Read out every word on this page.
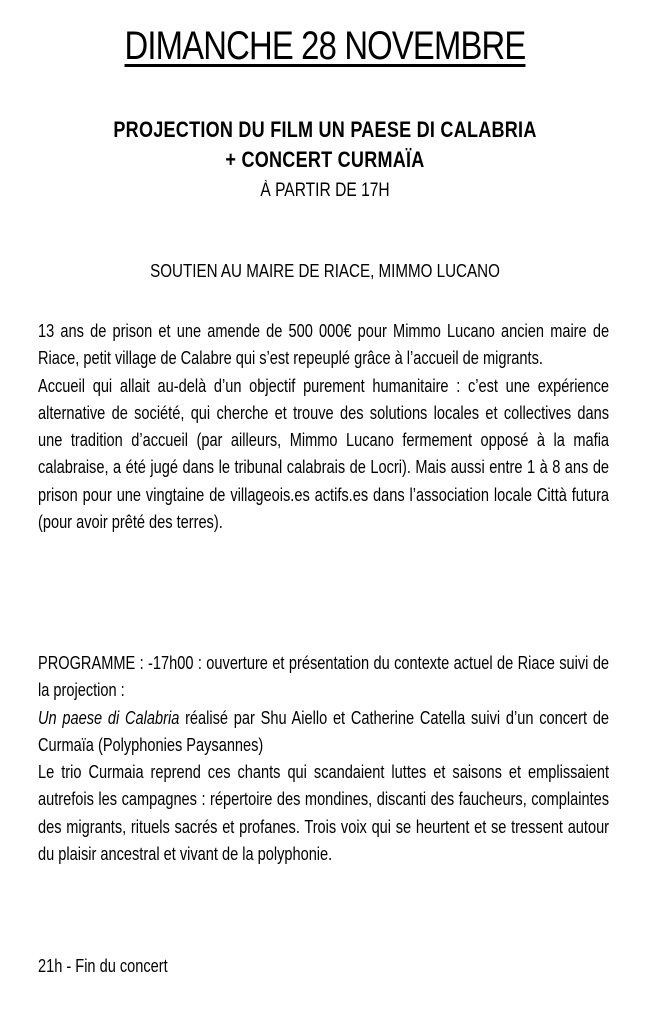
DIMANCHE 28 NOVEMBRE
PROJECTION DU FILM UN PAESE DI CALABRIA
+ CONCERT CURMAÏA
À PARTIR DE 17H
SOUTIEN AU MAIRE DE RIACE, MIMMO LUCANO

13 ans de prison et une amende de 500 000€ pour Mimmo Lucano ancien maire de Riace, petit village de Calabre qui s’est repeuplé grâce à l’accueil de migrants.

Accueil qui allait au-delà d’un objectif purement humanitaire : c’est une expérience alternative de société, qui cherche et trouve des solutions locales et collectives dans une tradition d’accueil (par ailleurs, Mimmo Lucano fermement opposé à la mafia calabraise, a été jugé dans le tribunal calabrais de Locri). Mais aussi entre 1 à 8 ans de prison pour une vingtaine de villageois.es actifs.es dans l’association locale Città futura (pour avoir prêté des terres).

PROGRAMME : -17h00 : ouverture et présentation du contexte actuel de Riace suivi de la projection :

Un paese di Calabria réalisé par Shu Aiello et Catherine Catella suivi d’un concert de Curmaïa (Polyphonies Paysannes)

Le trio Curmaia reprend ces chants qui scandaient luttes et saisons et emplissaient autrefois les campagnes : répertoire des mondines, discanti des faucheurs, complaintes des migrants, rituels sacrés et profanes. Trois voix qui se heurtent et se tressent autour du plaisir ancestral et vivant de la polyphonie.

21h - Fin du concert
